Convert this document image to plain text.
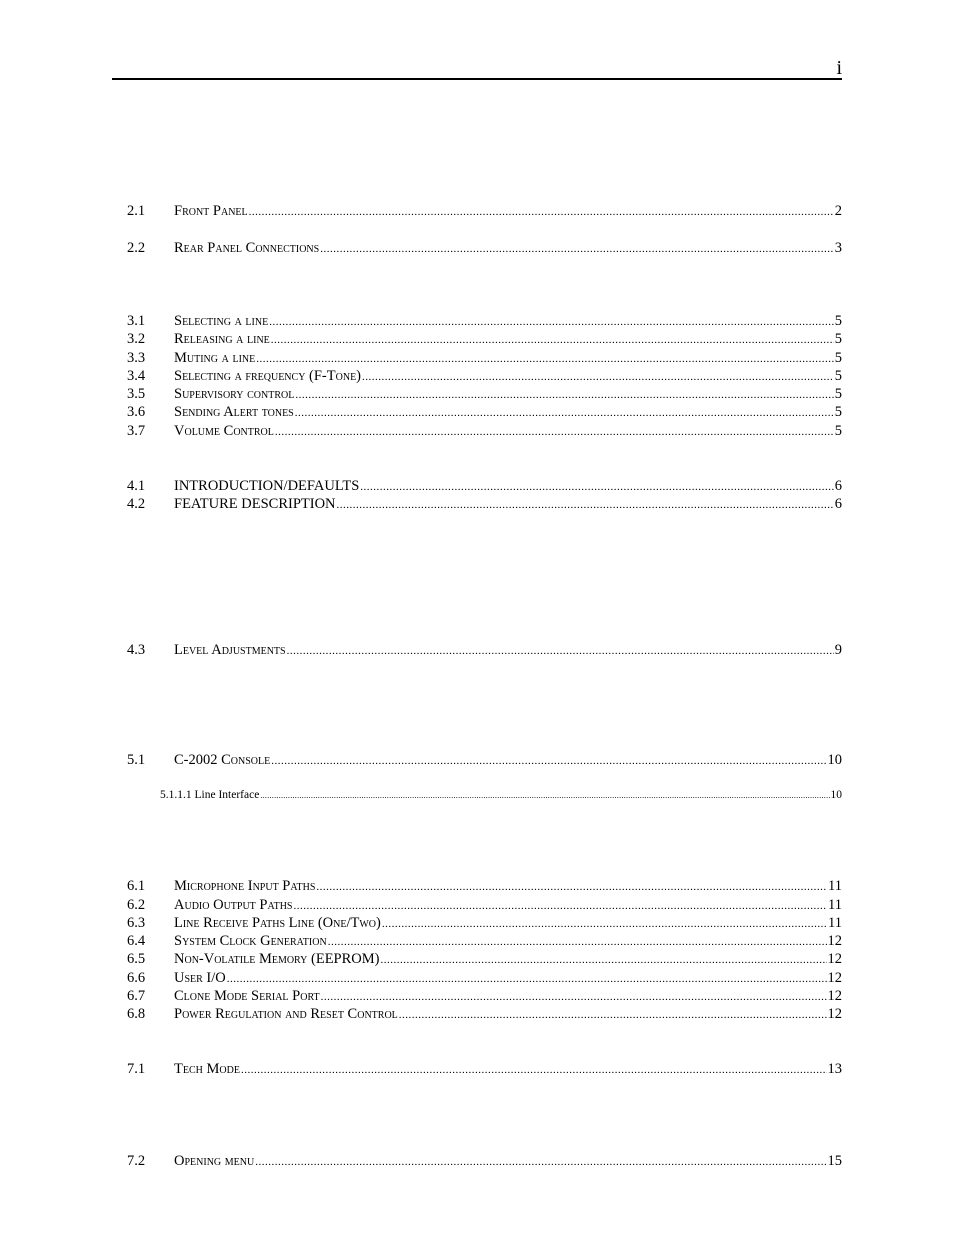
i
2.1	Front Panel .....	2
2.2	Rear Panel Connections .....	3
3.1	Selecting a line .....	5
3.2	Releasing a line .....	5
3.3	Muting a line .....	5
3.4	Selecting a frequency (F-Tone) .....	5
3.5	Supervisory control .....	5
3.6	Sending Alert tones .....	5
3.7	Volume Control .....	5
4.1	INTRODUCTION/DEFAULTS .....	6
4.2	FEATURE DESCRIPTION .....	6
4.3	Level Adjustments .....	9
5.1	C-2002 Console .....	10
5.1.1.1 Line Interface .....	10
6.1	Microphone Input Paths .....	11
6.2	Audio Output Paths .....	11
6.3	Line Receive Paths Line (One/Two) .....	11
6.4	System Clock Generation .....	12
6.5	Non-Volatile Memory (EEPROM) .....	12
6.6	User I/O .....	12
6.7	Clone Mode Serial Port .....	12
6.8	Power Regulation and Reset Control .....	12
7.1	Tech Mode .....	13
7.2	Opening menu .....	15
